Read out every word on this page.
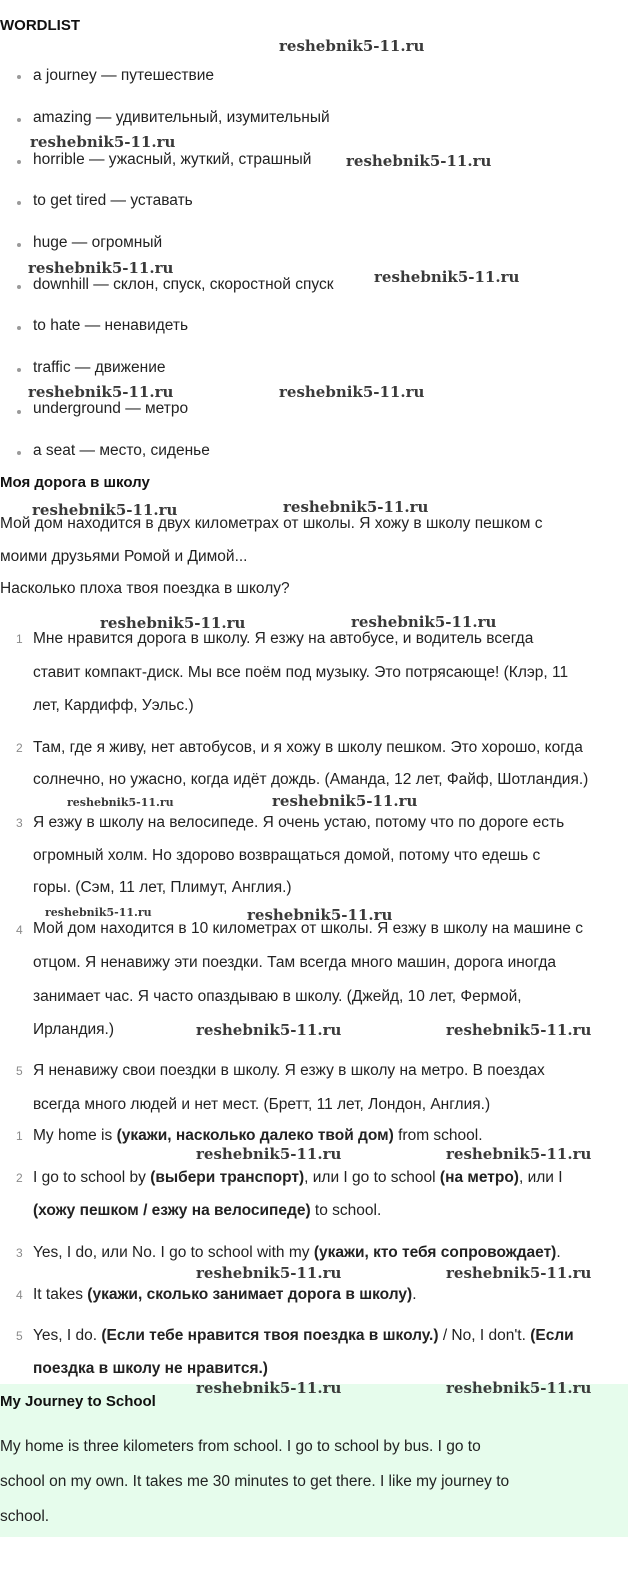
WORDLIST
a journey — путешествие
amazing — удивительный, изумительный
horrible — ужасный, жуткий, страшный
to get tired — уставать
huge — огромный
downhill — склон, спуск, скоростной спуск
to hate — ненавидеть
traffic — движение
underground — метро
a seat — место, сиденье
Моя дорога в школу
Мой дом находится в двух километрах от школы. Я хожу в школу пешком с
моими друзьями Ромой и Димой...
Насколько плоха твоя поездка в школу?
1 Мне нравится дорога в школу. Я езжу на автобусе, и водитель всегда
ставит компакт-диск. Мы все поём под музыку. Это потрясающе! (Клэр, 11
лет, Кардифф, Уэльс.)
2 Там, где я живу, нет автобусов, и я хожу в школу пешком. Это хорошо, когда
солнечно, но ужасно, когда идёт дождь. (Аманда, 12 лет, Файф, Шотландия.)
3 Я езжу в школу на велосипеде. Я очень устаю, потому что по дороге есть
огромный холм. Но здорово возвращаться домой, потому что едешь с
горы. (Сэм, 11 лет, Плимут, Англия.)
4 Мой дом находится в 10 километрах от школы. Я езжу в школу на машине с
отцом. Я ненавижу эти поездки. Там всегда много машин, дорога иногда
занимает час. Я часто опаздываю в школу. (Джейд, 10 лет, Фермой,
Ирландия.)
5 Я ненавижу свои поездки в школу. Я езжу в школу на метро. В поездах
всегда много людей и нет мест. (Бретт, 11 лет, Лондон, Англия.)
1 My home is (укажи, насколько далеко твой дом) from school.
2 I go to school by (выбери транспорт), или I go to school (на метро), или I
(хожу пешком / езжу на велосипеде) to school.
3 Yes, I do, или No. I go to school with my (укажи, кто тебя сопровождает).
4 It takes (укажи, сколько занимает дорога в школу).
5 Yes, I do. (Если тебе нравится твоя поездка в школу.) / No, I don't. (Если
поездка в школу не нравится.)
My Journey to School
My home is three kilometers from school. I go to school by bus. I go to
school on my own. It takes me 30 minutes to get there. I like my journey to
school.
reshebnik5-11.ru
reshebnik5-11.ru
reshebnik5-11.ru
reshebnik5-11.ru	reshebnik5-11.ru
reshebnik5-11.ru	reshebnik5-11.ru
reshebnik5-11.ru	reshebnik5-11.ru
reshebnik5-11.ru	reshebnik5-11.ru
reshebnik5-11.ru	reshebnik5-11.ru
reshebnik5-11.ru	reshebnik5-11.ru
reshebnik5-11.ru	reshebnik5-11.ru
reshebnik5-11.ru	reshebnik5-11.ru
reshebnik5-11.ru	reshebnik5-11.ru
reshebnik5-11.ru	reshebnik5-11.ru
